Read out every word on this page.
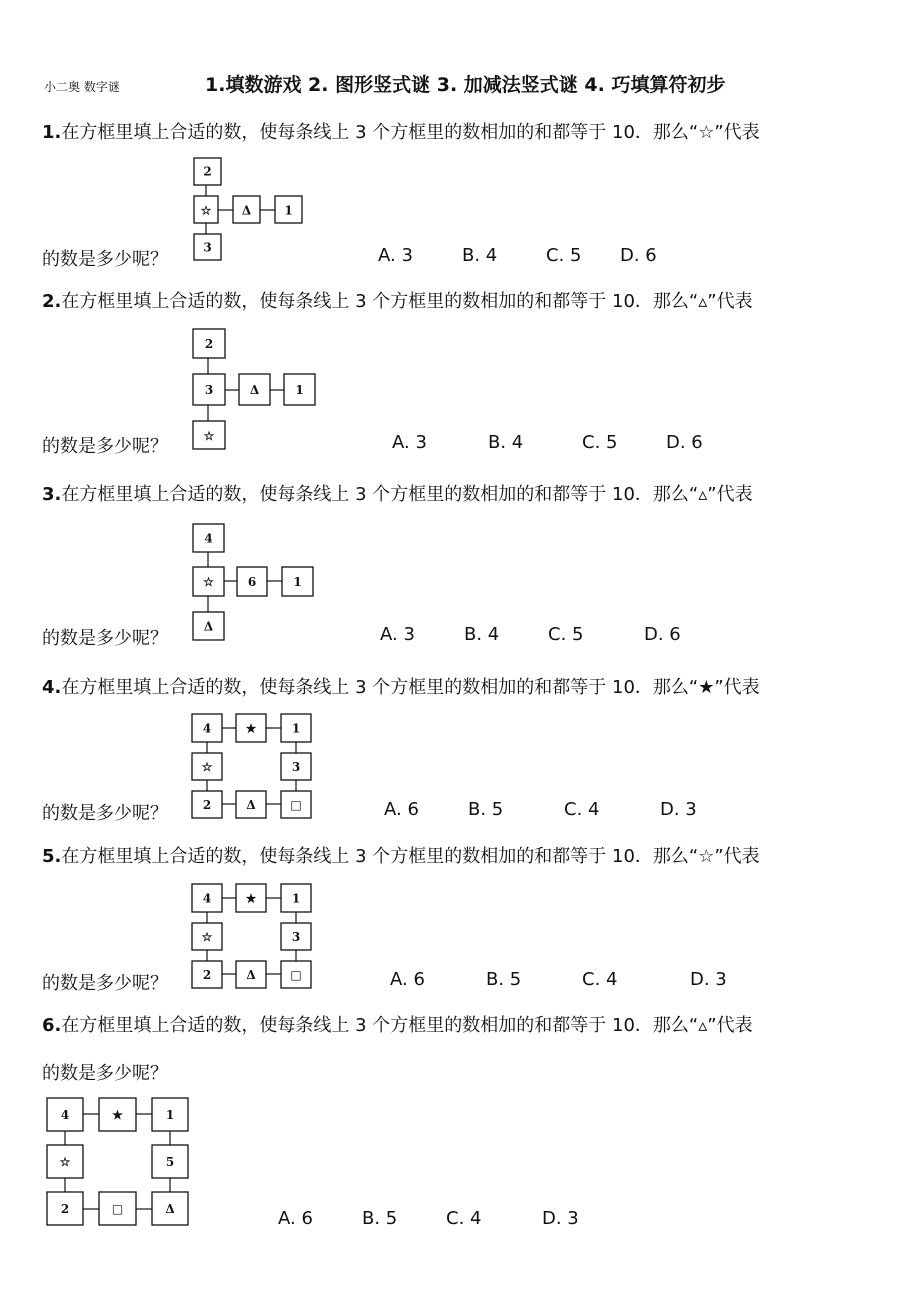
小二奥 数字谜	1.填数游戏 2. 图形竖式谜 3. 加减法竖式谜 4. 巧填算符初步
1.在方框里填上合适的数，使每条线上 3 个方框里的数相加的和都等于 10．那么“☆”代表
2
☆	Δ	1
3
的数是多少呢？	A. 3	B. 4	C. 5 D. 6
2.在方框里填上合适的数，使每条线上 3 个方框里的数相加的和都等于 10．那么“▵”代表
2
3	Δ	1
☆
的数是多少呢？	A. 3	B. 4	C. 5	D. 6
3.在方框里填上合适的数，使每条线上 3 个方框里的数相加的和都等于 10．那么“▵”代表
4
☆	6	1
Δ
的数是多少呢？	A. 3	B. 4	C. 5	D. 6
4.在方框里填上合适的数，使每条线上 3 个方框里的数相加的和都等于 10．那么“★”代表
4	★	1
☆	3
2	Δ	□
的数是多少呢？	A. 6	B. 5	C. 4	D. 3
5.在方框里填上合适的数，使每条线上 3 个方框里的数相加的和都等于 10．那么“☆”代表
4	★	1
☆	3
2	Δ	□
的数是多少呢？	A. 6	B. 5	C. 4	D. 3
6.在方框里填上合适的数，使每条线上 3 个方框里的数相加的和都等于 10．那么“▵”代表
的数是多少呢？
4	★	1
☆	5
2	□	Δ	A. 6	B. 5	C. 4	D. 3
